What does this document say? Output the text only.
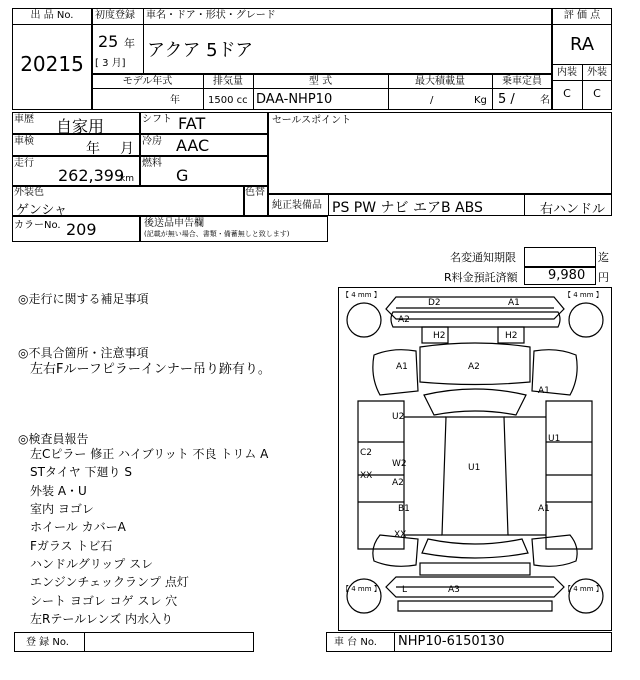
出 品 No.
20215
初度登録
25 年
[ 3 月]
車名・ドア・形状・グレード
アクア 5ドア
評 価 点
RA
内装	外装
C	C
モデル年式
年
排気量
1500 cc
型 式
DAA-NHP10
最大積載量
/	Kg
乗車定員
5 /	名
車歴 自家用	シフト FAT
車検	年 月 冷房 AAC
走行
262,399
km
燃料
G
セールスポイント
外装色
ゲンシャ
色替
純正装備品 PS PW ナビ エアB ABS	右ハンドル
カラーNo. 209	後送品申告欄
(記載が無い場合、書類・備蓄無しと致します)
名変通知期限	迄
R料金預託済額 9,980 円
◎走行に関する補足事項
◎不具合箇所・注意事項
左右Fルーフピラーインナー吊り跡有り。
◎検査員報告
左Cピラー 修正 ハイブリット 不良 トリム A
STタイヤ 下廻り S
外装 A・U
室内 ヨゴレ
ホイール カバーA
Fガラス トビ石
ハンドルグリップ スレ
エンジンチェックランプ 点灯
シート ヨゴレ コゲ スレ 穴
左Rテールレンズ 内水入り
【 4 mm 】	【 4 mm 】
【 4 mm 】	【 4 mm 】
D2	A1
A2
H2	H2
A1	A2
A1
U2
U1
C2
XX
W2
A2
U1
B1	A1
XX
L	A3
登 録 No.	車 台 No. NHP10-6150130
